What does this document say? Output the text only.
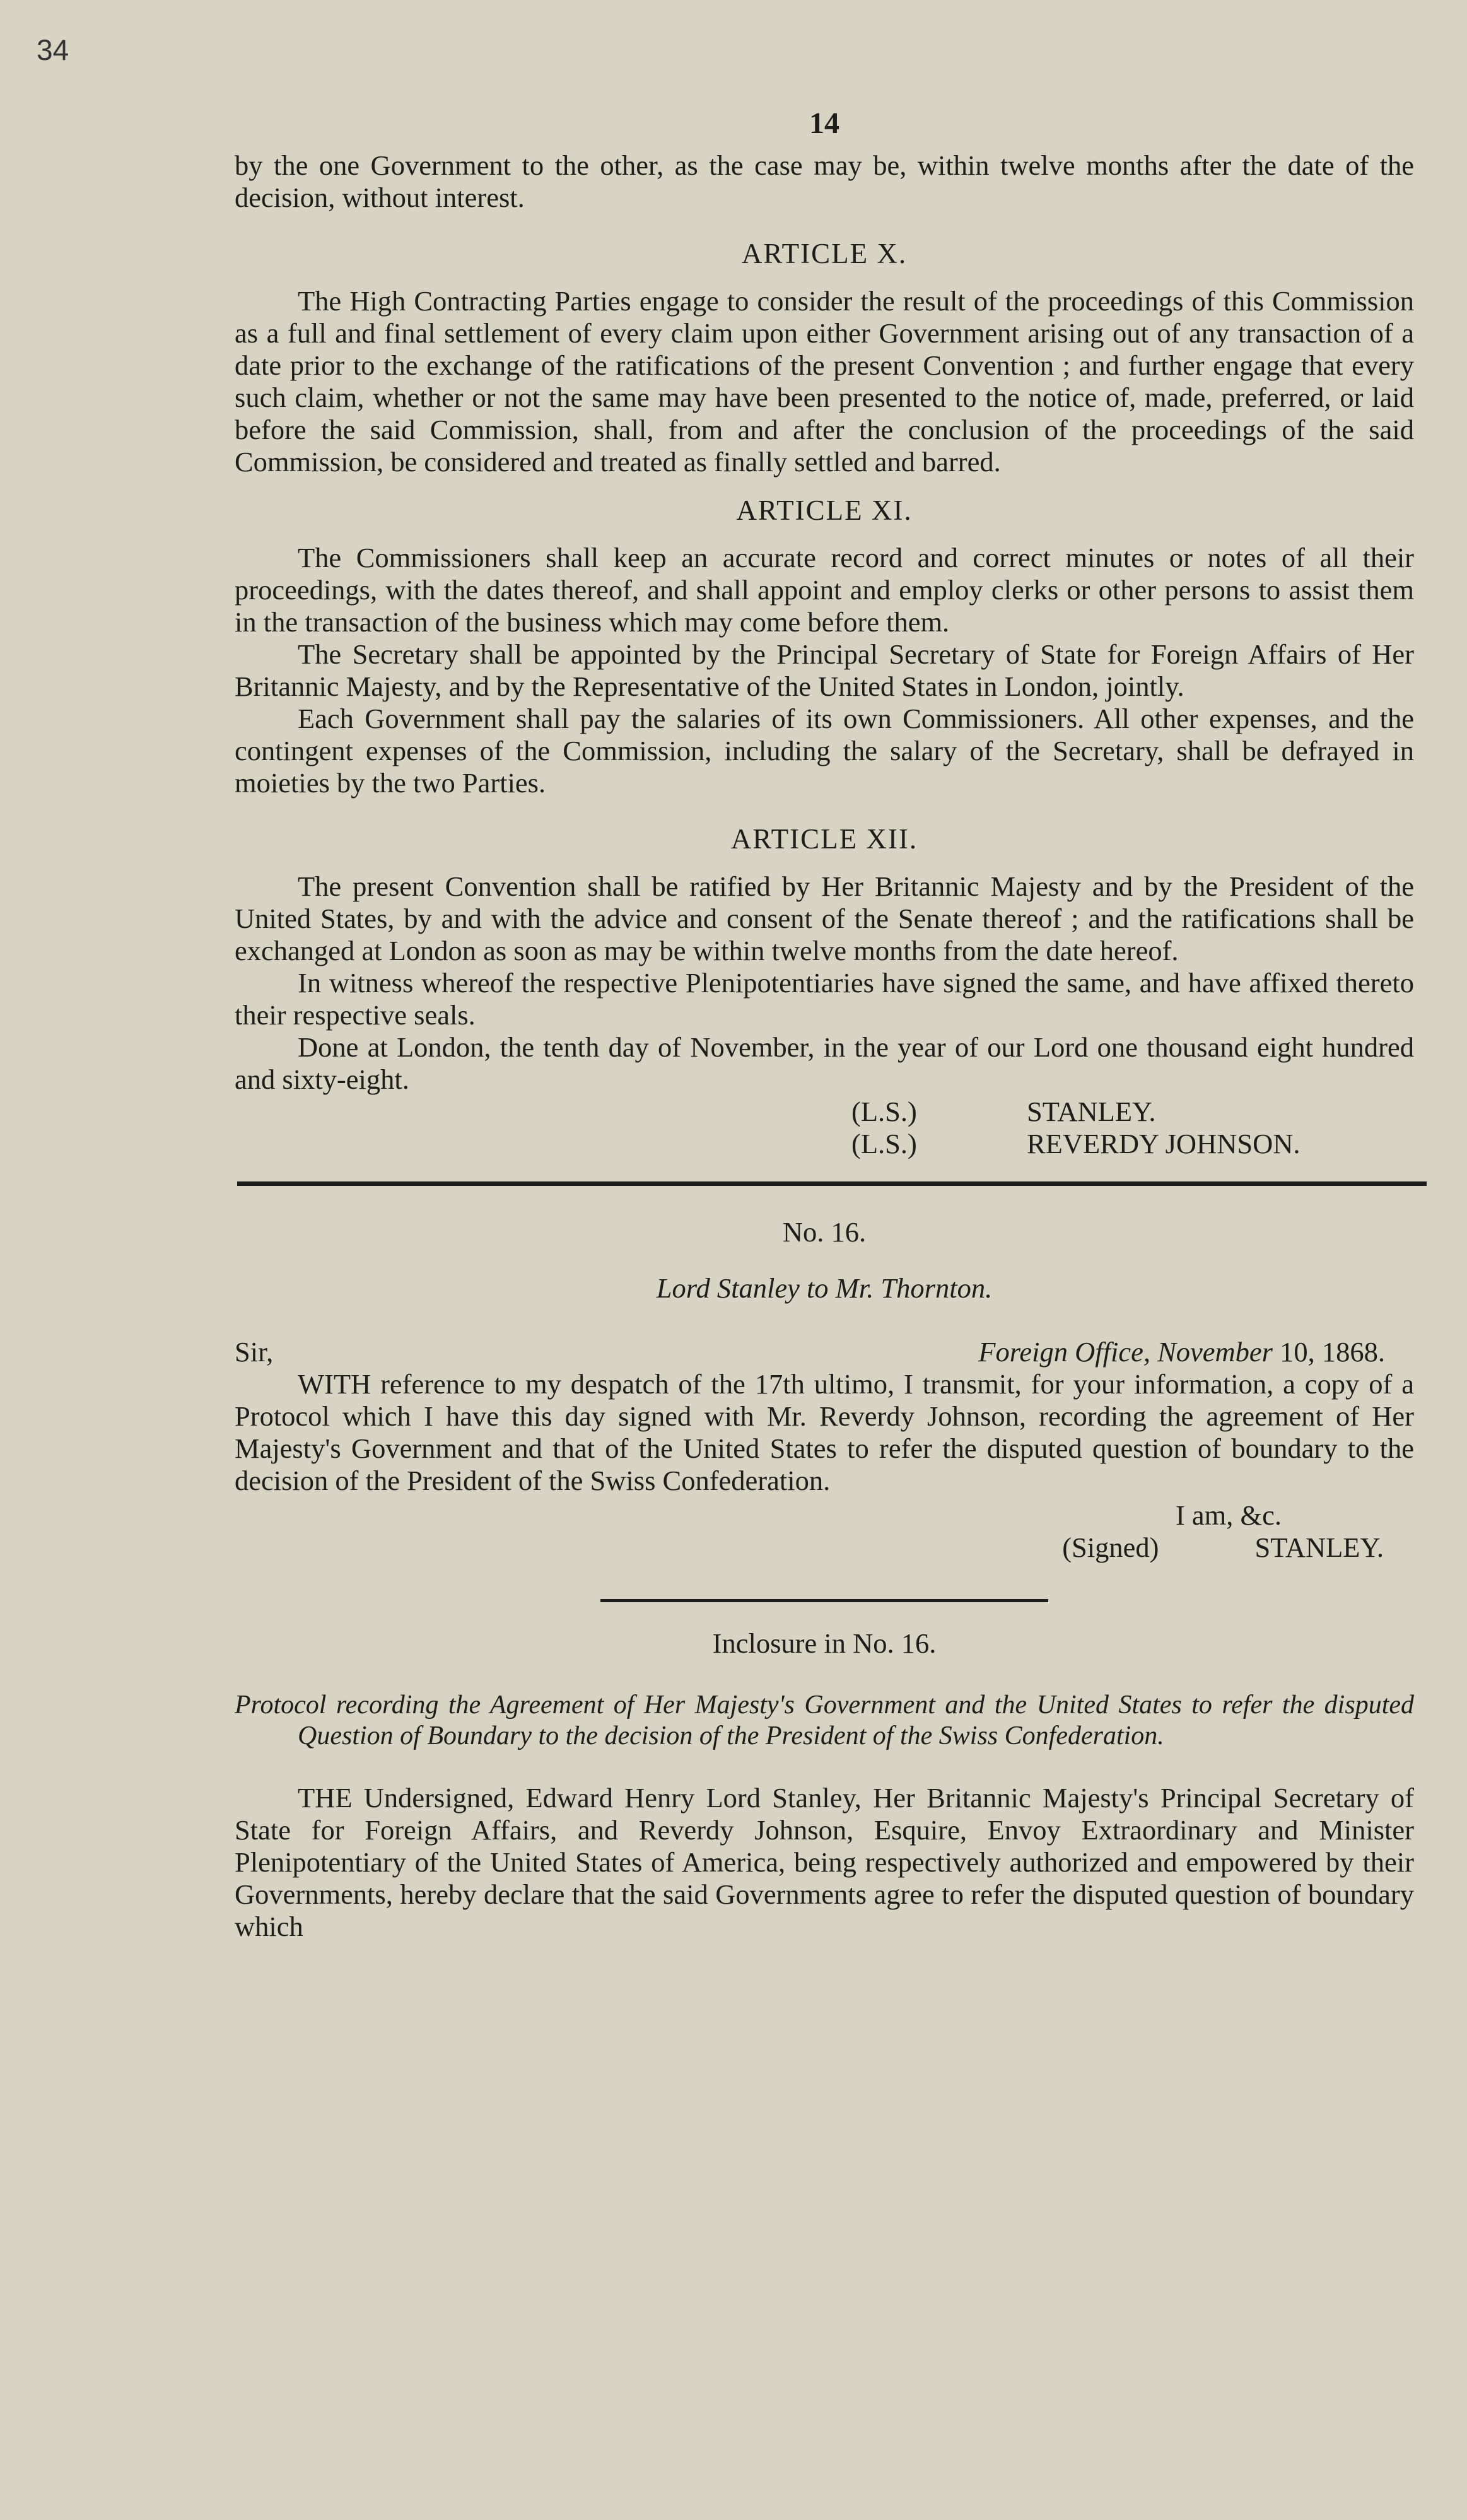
34
14

by the one Government to the other, as the case may be, within twelve months after the date of the decision, without interest.

ARTICLE X.

The High Contracting Parties engage to consider the result of the proceedings of this Commission as a full and final settlement of every claim upon either Government arising out of any transaction of a date prior to the exchange of the ratifications of the present Convention ; and further engage that every such claim, whether or not the same may have been presented to the notice of, made, preferred, or laid before the said Commission, shall, from and after the conclusion of the proceedings of the said Commission, be considered and treated as finally settled and barred.

ARTICLE XI.

The Commissioners shall keep an accurate record and correct minutes or notes of all their proceedings, with the dates thereof, and shall appoint and employ clerks or other persons to assist them in the transaction of the business which may come before them.

The Secretary shall be appointed by the Principal Secretary of State for Foreign Affairs of Her Britannic Majesty, and by the Representative of the United States in London, jointly.

Each Government shall pay the salaries of its own Commissioners. All other expenses, and the contingent expenses of the Commission, including the salary of the Secretary, shall be defrayed in moieties by the two Parties.

ARTICLE XII.

The present Convention shall be ratified by Her Britannic Majesty and by the President of the United States, by and with the advice and consent of the Senate thereof ; and the ratifications shall be exchanged at London as soon as may be within twelve months from the date hereof.

In witness whereof the respective Plenipotentiaries have signed the same, and have affixed thereto their respective seals.

Done at London, the tenth day of November, in the year of our Lord one thousand eight hundred and sixty-eight.

(L.S.)	STANLEY.
(L.S.)	REVERDY JOHNSON.
No. 16.
Lord Stanley to Mr. Thornton.
Sir,	Foreign Office, November 10, 1868.

WITH reference to my despatch of the 17th ultimo, I transmit, for your information, a copy of a Protocol which I have this day signed with Mr. Reverdy Johnson, recording the agreement of Her Majesty's Government and that of the United States to refer the disputed question of boundary to the decision of the President of the Swiss Confederation.

I am, &c.
(Signed)	STANLEY.
Inclosure in No. 16.
Protocol recording the Agreement of Her Majesty's Government and the United States to refer the disputed Question of Boundary to the decision of the President of the Swiss Confederation.

THE Undersigned, Edward Henry Lord Stanley, Her Britannic Majesty's Principal Secretary of State for Foreign Affairs, and Reverdy Johnson, Esquire, Envoy Extraordinary and Minister Plenipotentiary of the United States of America, being respectively authorized and empowered by their Governments, hereby declare that the said Governments agree to refer the disputed question of boundary which
